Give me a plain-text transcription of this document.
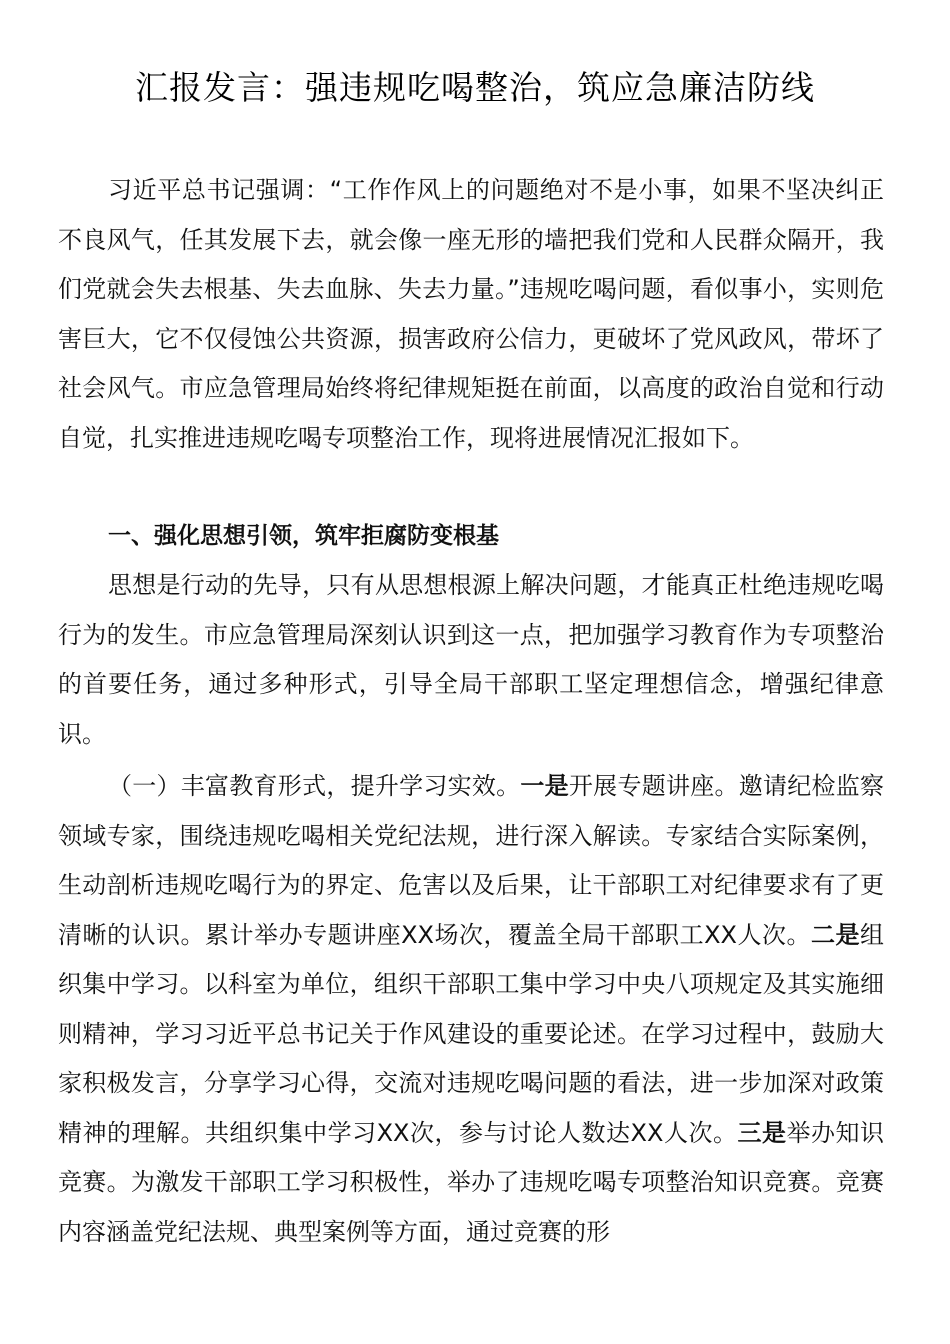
汇报发言：强违规吃喝整治，筑应急廉洁防线

习近平总书记强调：“工作作风上的问题绝对不是小事，如果不坚决纠正不良风气，任其发展下去，就会像一座无形的墙把我们党和人民群众隔开，我们党就会失去根基、失去血脉、失去力量。”违规吃喝问题，看似事小，实则危害巨大，它不仅侵蚀公共资源，损害政府公信力，更破坏了党风政风，带坏了社会风气。市应急管理局始终将纪律规矩挺在前面，以高度的政治自觉和行动自觉，扎实推进违规吃喝专项整治工作，现将进展情况汇报如下。

一、强化思想引领，筑牢拒腐防变根基

思想是行动的先导，只有从思想根源上解决问题，才能真正杜绝违规吃喝行为的发生。市应急管理局深刻认识到这一点，把加强学习教育作为专项整治的首要任务，通过多种形式，引导全局干部职工坚定理想信念，增强纪律意识。

（一）丰富教育形式，提升学习实效。一是开展专题讲座。邀请纪检监察领域专家，围绕违规吃喝相关党纪法规，进行深入解读。专家结合实际案例，生动剖析违规吃喝行为的界定、危害以及后果，让干部职工对纪律要求有了更清晰的认识。累计举办专题讲座XX场次，覆盖全局干部职工XX人次。二是组织集中学习。以科室为单位，组织干部职工集中学习中央八项规定及其实施细则精神，学习习近平总书记关于作风建设的重要论述。在学习过程中，鼓励大家积极发言，分享学习心得，交流对违规吃喝问题的看法，进一步加深对政策精神的理解。共组织集中学习XX次，参与讨论人数达XX人次。三是举办知识竞赛。为激发干部职工学习积极性，举办了违规吃喝专项整治知识竞赛。竞赛内容涵盖党纪法规、典型案例等方面，通过竞赛的形
